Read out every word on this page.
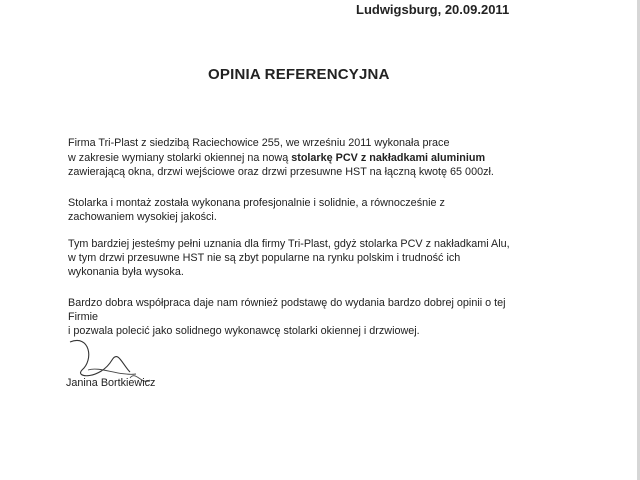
Ludwigsburg, 20.09.2011
OPINIA REFERENCYJNA
Firma Tri-Plast z siedzibą Raciechowice 255, we wrześniu 2011 wykonała prace
w zakresie wymiany stolarki okiennej na nową stolarkę PCV z nakładkami aluminium
zawierającą okna, drzwi wejściowe oraz drzwi przesuwne HST na łączną kwotę 65 000zł.
Stolarka i montaż została wykonana profesjonalnie i solidnie, a równocześnie z
zachowaniem wysokiej jakości.
Tym bardziej jesteśmy pełni uznania dla firmy Tri-Plast, gdyż stolarka PCV z nakładkami Alu,
w tym drzwi przesuwne HST nie są zbyt popularne na rynku polskim i trudność ich
wykonania była wysoka.
Bardzo dobra współpraca daje nam również podstawę do wydania bardzo dobrej opinii o tej
Firmie
i pozwala polecić jako solidnego wykonawcę stolarki okiennej i drzwiowej.
Janina Bortkiewicz
